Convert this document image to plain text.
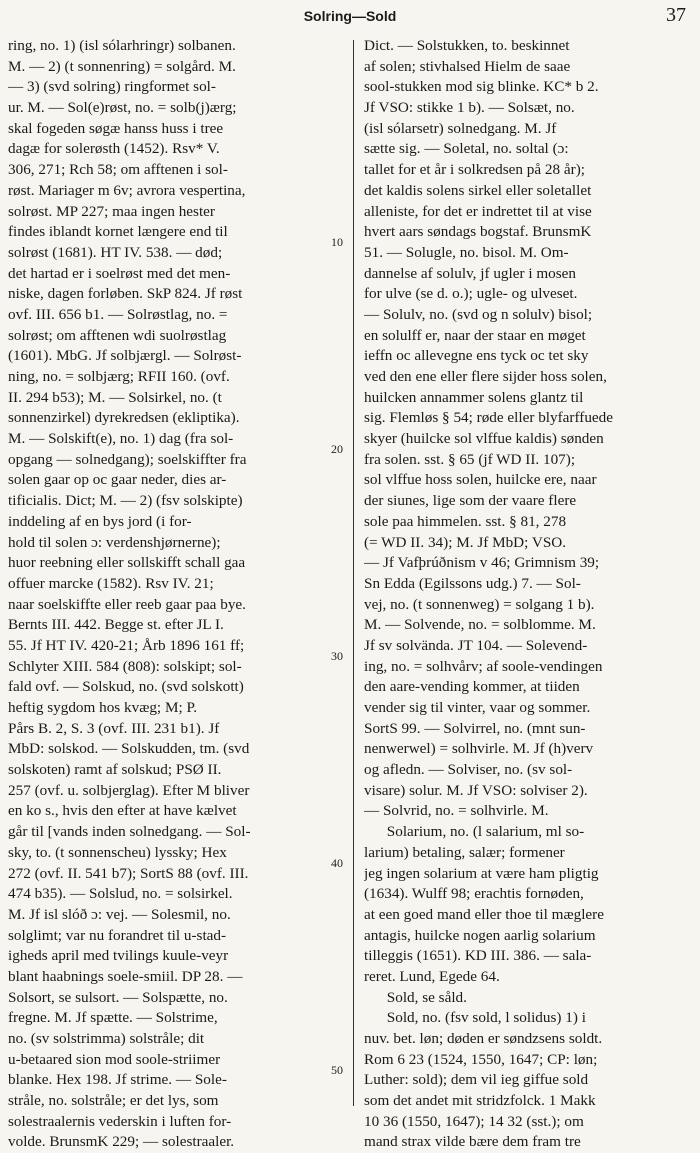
Solring—Sold	37
ring, no. 1) (isl sólarhringr) solbanen.
M. — 2) (t sonnenring) = solgård. M.
— 3) (svd solring) ringformet sol-
ur. M. — Sol(e)røst, no. = solb(j)ærg;
skal fogeden søgæ hanss huss i tree
dagæ for solerøsth (1452). Rsv* V.
306, 271; Rch 58; om afftenen i sol-
røst. Mariager m 6v; avrora vespertina,
solrøst. MP 227; maa ingen hester
findes iblandt kornet længere end til
solrøst (1681). HT IV. 538. — død;
det hartad er i soelrøst med det men-
niske, dagen forløben. SkP 824. Jf røst
ovf. III. 656 b1. — Solrøstlag, no. =
solrøst; om afftenen wdi suolrøstlag
(1601). MbG. Jf solbjærgl. — Solrøst-
ning, no. = solbjærg; RFII 160. (ovf.
II. 294 b53); M. — Solsirkel, no. (t
sonnenzirkel) dyrekredsen (ekliptika).
M. — Solskift(e), no. 1) dag (fra sol-
opgang — solnedgang); soelskiffter fra
solen gaar op oc gaar neder, dies ar-
tificialis. Dict; M. — 2) (fsv solskipte)
inddeling af en bys jord (i for-
hold til solen ɔ: verdenshjørnerne);
huor reebning eller sollskifft schall gaa
offuer marcke (1582). Rsv IV. 21;
naar soelskiffte eller reeb gaar paa bye.
Bernts III. 442. Begge st. efter JL I.
55. Jf HT IV. 420-21; Årb 1896 161 ff;
Schlyter XIII. 584 (808): solskipt; sol-
fald ovf. — Solskud, no. (svd solskott)
heftig sygdom hos kvæg; M; P.
Pårs B. 2, S. 3 (ovf. III. 231 b1). Jf
MbD: solskod. — Solskudden, tm. (svd
solskoten) ramt af solskud; PSØ II.
257 (ovf. u. solbjerglag). Efter M bliver
en ko s., hvis den efter at have kælvet
går til [vands inden solnedgang. — Sol-
sky, to. (t sonnenscheu) lyssky; Hex
272 (ovf. II. 541 b7); SortS 88 (ovf. III.
474 b35). — Solslud, no. = solsirkel.
M. Jf isl slóð ɔ: vej. — Solesmil, no.
solglimt; var nu forandret til u-stad-
igheds april med tvilings kuule-veyr
blant haabnings soele-smiil. DP 28. —
Solsort, se sulsort. — Solspætte, no.
fregne. M. Jf spætte. — Solstrime,
no. (sv solstrimma) solstråle; dit
u-betaared sion mod soole-striimer
blanke. Hex 198. Jf strime. — Sole-
stråle, no. solstråle; er det lys, som
solestraalernis vederskin i luften for-
volde. BrunsmK 229; — solestraaler.
Dict. — Solstukken, to. beskinnet
af solen; stivhalsed Hielm de saae
sool-stukken mod sig blinke. KC* b 2.
Jf VSO: stikke 1 b). — Solsæt, no.
(isl sólarsetr) solnedgang. M. Jf
sætte sig. — Soletal, no. soltal (ɔ:
tallet for et år i solkredsen på 28 år);
det kaldis solens sirkel eller soletallet
alleniste, for det er indrettet til at vise
hvert aars søndags bogstaf. BrunsmK
51. — Solugle, no. bisol. M. Om-
dannelse af solulv, jf ugler i mosen
for ulve (se d. o.); ugle- og ulveset.
— Solulv, no. (svd og n solulv) bisol;
en solulff er, naar der staar en møget
ieffn oc allevegne ens tyck oc tet sky
ved den ene eller flere sijder hoss solen,
huilcken annammer solens glantz til
sig. Flemløs § 54; røde eller blyfarffuede
skyer (huilcke sol vlffue kaldis) sønden
fra solen. sst. § 65 (jf WD II. 107);
sol vlffue hoss solen, huilcke ere, naar
der siunes, lige som der vaare flere
sole paa himmelen. sst. § 81, 278
(= WD II. 34); M. Jf MbD; VSO.
— Jf Vafþrúðnism v 46; Grimnism 39;
Sn Edda (Egilssons udg.) 7. — Sol-
vej, no. (t sonnenweg) = solgang 1 b).
M. — Solvende, no. = solblomme. M.
Jf sv solvända. JT 104. — Solevend-
ing, no. = solhvårv; af soole-vendingen
den aare-vending kommer, at tiiden
vender sig til vinter, vaar og sommer.
SortS 99. — Solvirrel, no. (mnt sun-
nenwerwel) = solhvirle. M. Jf (h)verv
og afledn. — Solviser, no. (sv sol-
visare) solur. M. Jf VSO: solviser 2).
— Solvrid, no. = solhvirle. M.
Solarium, no. (l salarium, ml so-
larium) betaling, salær; formener
jeg ingen solarium at være ham pligtig
(1634). Wulff 98; erachtis fornøden,
at een goed mand eller thoe til mæglere
antagis, huilcke nogen aarlig solarium
tilleggis (1651). KD III. 386. — sala-
reret. Lund, Egede 64.
Sold, se såld.
Sold, no. (fsv sold, l solidus) 1) i
nuv. bet. løn; døden er søndzsens soldt.
Rom 6 23 (1524, 1550, 1647; CP: løn;
Luther: sold); dem vil ieg giffue sold
som det andet mit stridzfolck. 1 Makk
10 36 (1550, 1647); 14 32 (sst.); om
mand strax vilde bære dem fram tre
10
20
30
40
50
